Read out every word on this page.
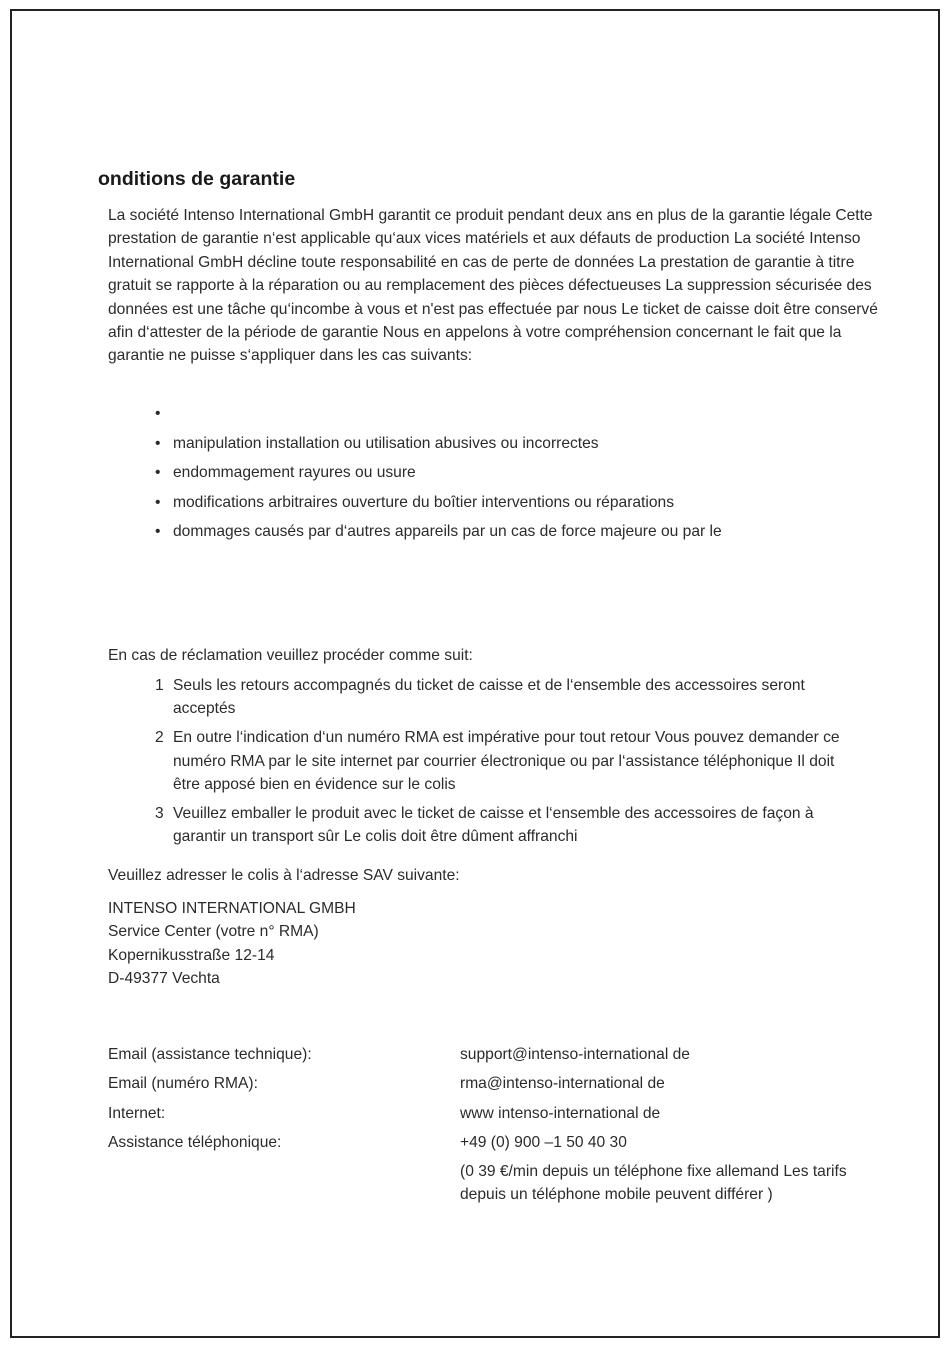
onditions de garantie

La société Intenso International GmbH garantit ce produit pendant deux ans en plus de la garantie légale Cette prestation de garantie n‘est applicable qu‘aux vices matériels et aux défauts de production La société Intenso International GmbH décline toute responsabilité en cas de perte de données La prestation de garantie à titre gratuit se rapporte à la réparation ou au remplacement des pièces défectueuses La suppression sécurisée des données est une tâche qu‘incombe à vous et n'est pas effectuée par nous Le ticket de caisse doit être conservé afin d‘attester de la période de garantie Nous en appelons à votre compréhension concernant le fait que la garantie ne puisse s‘appliquer dans les cas suivants:

•
• manipulation installation ou utilisation abusives ou incorrectes
• endommagement rayures ou usure
• modifications arbitraires ouverture du boîtier interventions ou réparations
• dommages causés par d‘autres appareils par un cas de force majeure ou par le

En cas de réclamation veuillez procéder comme suit:

1 Seuls les retours accompagnés du ticket de caisse et de l‘ensemble des accessoires seront acceptés
2 En outre l‘indication d‘un numéro RMA est impérative pour tout retour Vous pouvez demander ce numéro RMA par le site internet par courrier électronique ou par l‘assistance téléphonique Il doit être apposé bien en évidence sur le colis
3 Veuillez emballer le produit avec le ticket de caisse et l‘ensemble des accessoires de façon à garantir un transport sûr Le colis doit être dûment affranchi

Veuillez adresser le colis à l‘adresse SAV suivante:

INTENSO INTERNATIONAL GMBH
Service Center (votre n° RMA)
Kopernikusstraße 12-14
D-49377 Vechta
Email (assistance technique):	support@intenso-international de
Email (numéro RMA):	rma@intenso-international de
Internet:	www intenso-international de
Assistance téléphonique:	+49 (0) 900 –1 50 40 30

(0 39 €/min depuis un téléphone fixe allemand Les tarifs depuis un téléphone mobile peuvent différer )
